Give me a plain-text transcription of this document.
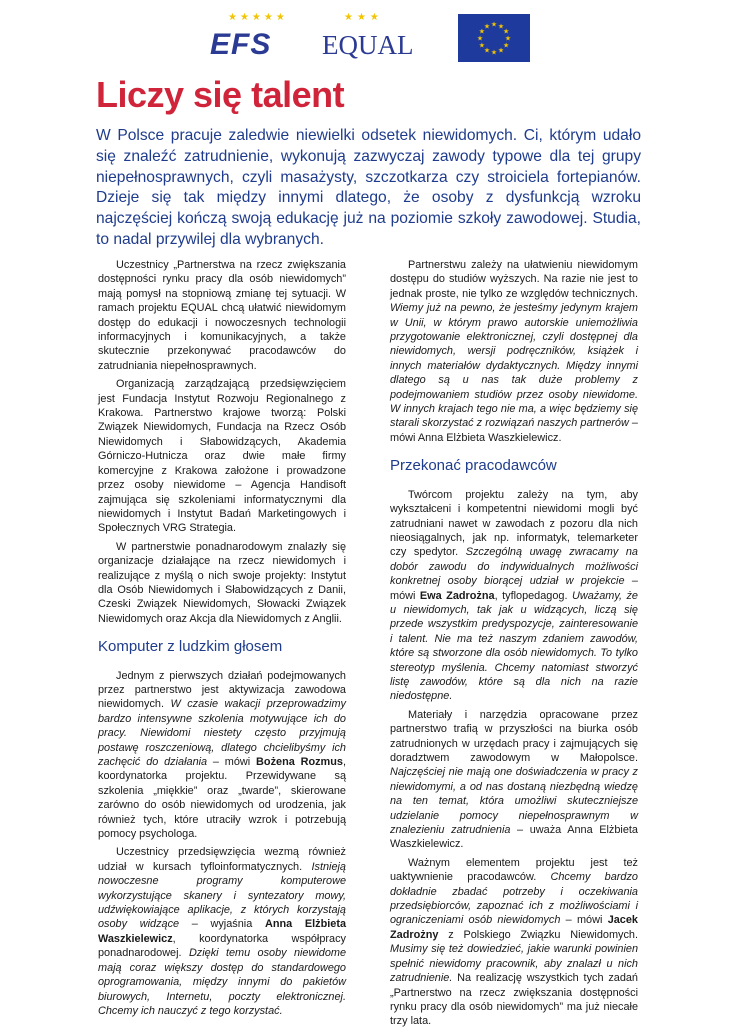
★★★★★
EFS
★★★
EQUAL
★ ★
★
★
★
★
★
★
★
★
★
★
Liczy się talent

W Polsce pracuje zaledwie niewielki odsetek niewidomych. Ci, którym udało się znaleźć zatrudnienie, wykonują zazwyczaj zawody typowe dla tej grupy niepełnosprawnych, czyli masażysty, szczotkarza czy stroiciela fortepianów. Dzieje się tak między innymi dlatego, że osoby z dysfunkcją wzroku najczęściej kończą swoją edukację już na poziomie szkoły zawodowej. Studia, to nadal przywilej dla wybranych.

Uczestnicy „Partnerstwa na rzecz zwiększania dostępności rynku pracy dla osób niewidomych” mają pomysł na stopniową zmianę tej sytuacji. W ramach projektu EQUAL chcą ułatwić niewidomym dostęp do edukacji i nowoczesnych technologii informacyjnych i komunikacyjnych, a także skutecznie przekonywać pracodawców do zatrudniania niepełnosprawnych.

Organizacją zarządzającą przedsięwzięciem jest Fundacja Instytut Rozwoju Regionalnego z Krakowa. Partnerstwo krajowe tworzą: Polski Związek Niewidomych, Fundacja na Rzecz Osób Niewidomych i Słabowidzących, Akademia Górniczo-Hutnicza oraz dwie małe firmy komercyjne z Krakowa założone i prowadzone przez osoby niewidome – Agencja Handisoft zajmująca się szkoleniami informatycznymi dla niewidomych i Instytut Badań Marketingowych i Społecznych VRG Strategia.

W partnerstwie ponadnarodowym znalazły się organizacje działające na rzecz niewidomych i realizujące z myślą o nich swoje projekty: Instytut dla Osób Niewidomych i Słabowidzących z Danii, Czeski Związek Niewidomych, Słowacki Związek Niewidomych oraz Akcja dla Niewidomych z Anglii.

Komputer z ludzkim głosem

Jednym z pierwszych działań podejmowanych przez partnerstwo jest aktywizacja zawodowa niewidomych. W czasie wakacji przeprowadzimy bardzo intensywne szkolenia motywujące ich do pracy. Niewidomi niestety często przyjmują postawę roszczeniową, dlatego chcielibyśmy ich zachęcić do działania – mówi Bożena Rozmus, koordynatorka projektu. Przewidywane są szkolenia „miękkie” oraz „twarde”, skierowane zarówno do osób niewidomych od urodzenia, jak również tych, które utraciły wzrok i potrzebują pomocy psychologa.

Uczestnicy przedsięwzięcia wezmą również udział w kursach tyfloinformatycznych. Istnieją nowoczesne programy komputerowe wykorzystujące skanery i syntezatory mowy, udźwiękowiające aplikacje, z których korzystają osoby widzące – wyjaśnia Anna Elżbieta Waszkielewicz, koordynatorka współpracy ponadnarodowej. Dzięki temu osoby niewidome mają coraz większy dostęp do standardowego oprogramowania, między innymi do pakietów biurowych, Internetu, poczty elektronicznej. Chcemy ich nauczyć z tego korzystać.

Partnerstwu zależy na ułatwieniu niewidomym dostępu do studiów wyższych. Na razie nie jest to jednak proste, nie tylko ze względów technicznych. Wiemy już na pewno, że jesteśmy jedynym krajem w Unii, w którym prawo autorskie uniemożliwia przygotowanie elektronicznej, czyli dostępnej dla niewidomych, wersji podręczników, książek i innych materiałów dydaktycznych. Między innymi dlatego są u nas tak duże problemy z podejmowaniem studiów przez osoby niewidome. W innych krajach tego nie ma, a więc będziemy się starali skorzystać z rozwiązań naszych partnerów – mówi Anna Elżbieta Waszkielewicz.

Przekonać pracodawców

Twórcom projektu zależy na tym, aby wykształceni i kompetentni niewidomi mogli być zatrudniani nawet w zawodach z pozoru dla nich nieosiągalnych, jak np. informatyk, telemarketer czy spedytor. Szczególną uwagę zwracamy na dobór zawodu do indywidualnych możliwości konkretnej osoby biorącej udział w projekcie – mówi Ewa Zadrożna, tyflopedagog. Uważamy, że u niewidomych, tak jak u widzących, liczą się przede wszystkim predyspozycje, zainteresowanie i talent. Nie ma też naszym zdaniem zawodów, które są stworzone dla osób niewidomych. To tylko stereotyp myślenia. Chcemy natomiast stworzyć listę zawodów, które są dla nich na razie niedostępne.

Materiały i narzędzia opracowane przez partnerstwo trafią w przyszłości na biurka osób zatrudnionych w urzędach pracy i zajmujących się doradztwem zawodowym w Małopolsce. Najczęściej nie mają one doświadczenia w pracy z niewidomymi, a od nas dostaną niezbędną wiedzę na ten temat, która umożliwi skuteczniejsze udzielanie pomocy niepełnosprawnym w znalezieniu zatrudnienia – uważa Anna Elżbieta Waszkielewicz.

Ważnym elementem projektu jest też uaktywnienie pracodawców. Chcemy bardzo dokładnie zbadać potrzeby i oczekiwania przedsiębiorców, zapoznać ich z możliwościami i ograniczeniami osób niewidomych – mówi Jacek Zadrożny z Polskiego Związku Niewidomych. Musimy się też dowiedzieć, jakie warunki powinien spełnić niewidomy pracownik, aby znalazł u nich zatrudnienie. Na realizację wszystkich tych zadań „Partnerstwo na rzecz zwiększania dostępności rynku pracy dla osób niewidomych” ma już niecałe trzy lata.
